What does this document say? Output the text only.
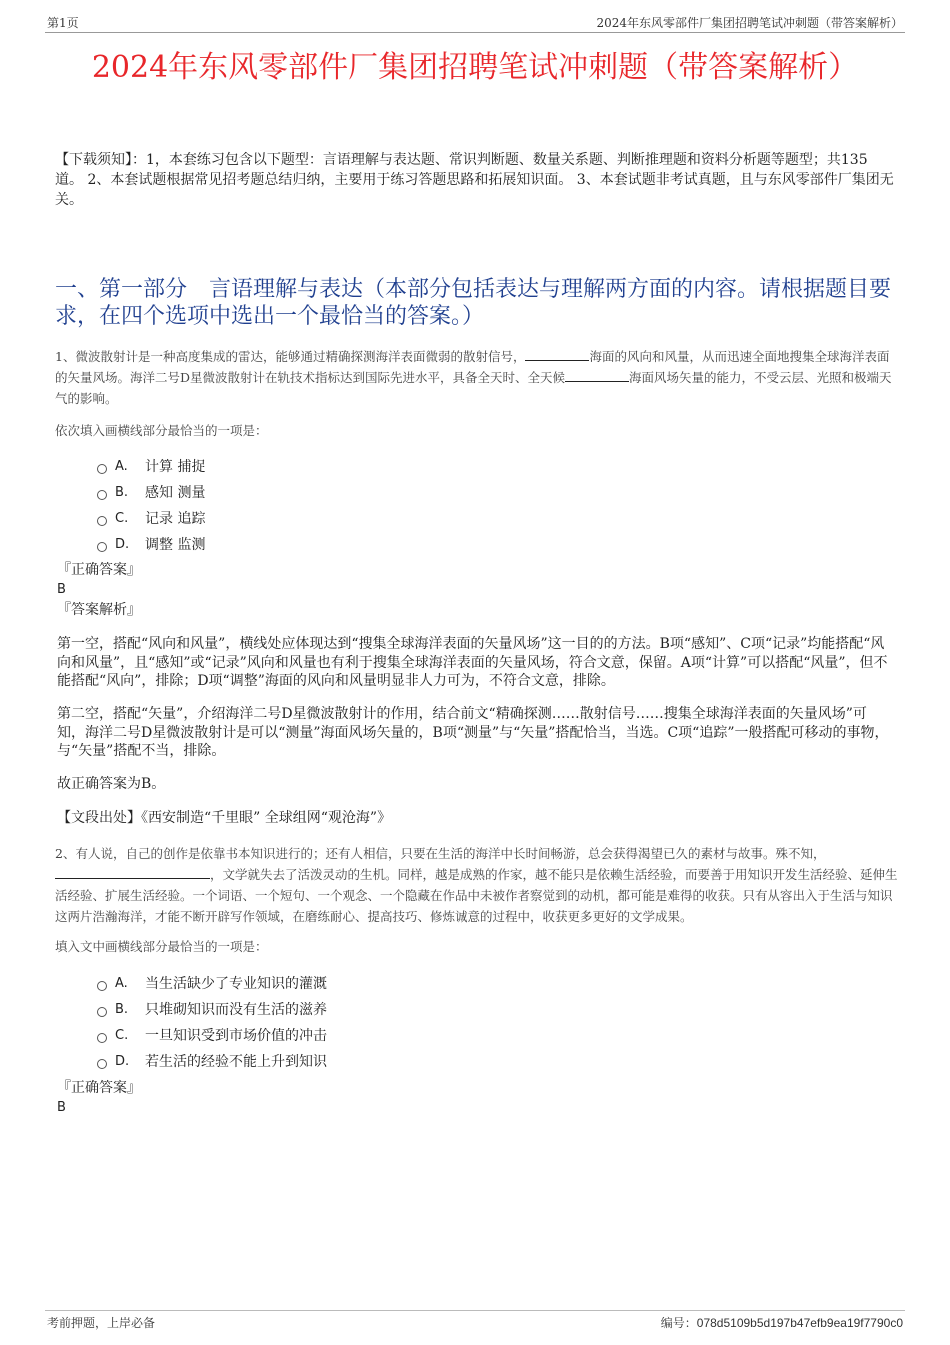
第1页	2024年东风零部件厂集团招聘笔试冲刺题（带答案解析）
2024年东风零部件厂集团招聘笔试冲刺题（带答案解析）
【下载须知】：1，本套练习包含以下题型：言语理解与表达题、常识判断题、数量关系题、判断推理题和资料分析题等题型；共135道。 2、本套试题根据常见招考题总结归纳，主要用于练习答题思路和拓展知识面。 3、本套试题非考试真题，且与东风零部件厂集团无关。
一、第一部分　言语理解与表达（本部分包括表达与理解两方面的内容。请根据题目要求，在四个选项中选出一个最恰当的答案。）
1、微波散射计是一种高度集成的雷达，能够通过精确探测海洋表面微弱的散射信号，	海面的风向和风量，从而迅速全面地搜集全球海洋表面的矢量风场。海洋二号D星微波散射计在轨技术指标达到国际先进水平，具备全天时、全天候	海面风场矢量的能力，不受云层、光照和极端天气的影响。
依次填入画横线部分最恰当的一项是：
A.	计算 捕捉
B.	感知 测量
C.	记录 追踪
D.	调整 监测
『正确答案』
B
『答案解析』
第一空，搭配“风向和风量”，横线处应体现达到“搜集全球海洋表面的矢量风场”这一目的的方法。B项“感知”、C项“记录”均能搭配“风向和风量”，且“感知”或“记录”风向和风量也有利于搜集全球海洋表面的矢量风场，符合文意，保留。A项“计算”可以搭配“风量”，但不能搭配“风向”，排除；D项“调整”海面的风向和风量明显非人力可为，不符合文意，排除。
第二空，搭配“矢量”，介绍海洋二号D星微波散射计的作用，结合前文“精确探测……散射信号……搜集全球海洋表面的矢量风场”可知，海洋二号D星微波散射计是可以“测量”海面风场矢量的，B项“测量”与“矢量”搭配恰当，当选。C项“追踪”一般搭配可移动的事物，与“矢量”搭配不当，排除。
故正确答案为B。
【文段出处】《西安制造“千里眼” 全球组网“观沧海”》
2、有人说，自己的创作是依靠书本知识进行的；还有人相信，只要在生活的海洋中长时间畅游，总会获得渴望已久的素材与故事。殊不知，，文学就失去了活泼灵动的生机。同样，越是成熟的作家，越不能只是依赖生活经验，而要善于用知识开发生活经验、延伸生活经验、扩展生活经验。一个词语、一个短句、一个观念、一个隐藏在作品中未被作者察觉到的动机，都可能是难得的收获。只有从容出入于生活与知识这两片浩瀚海洋，才能不断开辟写作领域，在磨练耐心、提高技巧、修炼诚意的过程中，收获更多更好的文学成果。
填入文中画横线部分最恰当的一项是：
A.	当生活缺少了专业知识的灌溉
B.	只堆砌知识而没有生活的滋养
C.	一旦知识受到市场价值的冲击
D.	若生活的经验不能上升到知识
『正确答案』
B
考前押题，上岸必备	编号：078d5109b5d197b47efb9ea19f7790c0
